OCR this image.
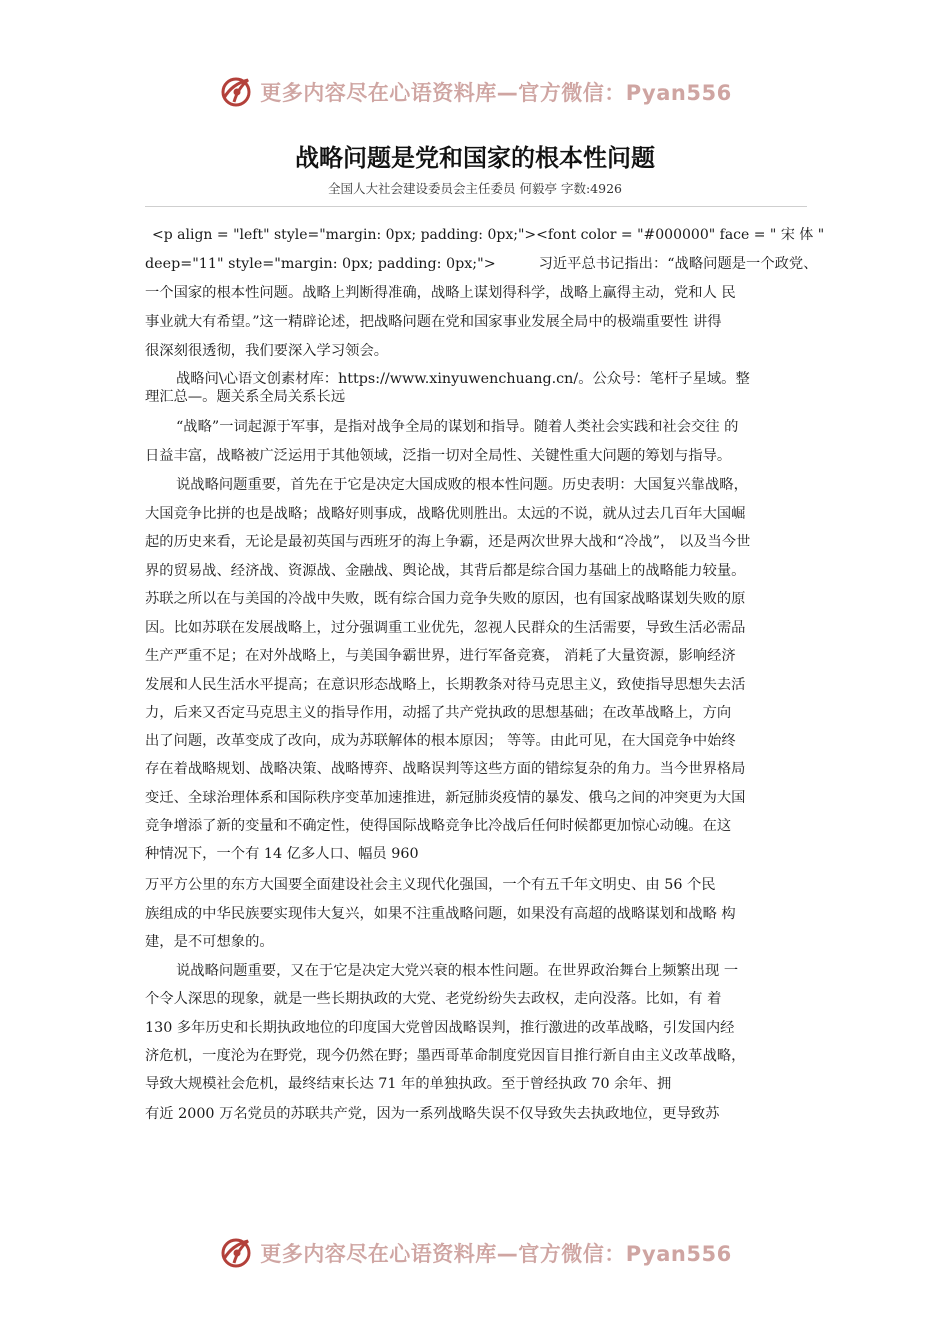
更多内容尽在心语资料库—官方微信：Pyan556
战略问题是党和国家的根本性问题
全国人大社会建设委员会主任委员 何毅亭 字数:4926
<p align = "left" style="margin: 0px; padding: 0px;"><font color = "#000000" face = " 宋 体 "
deep="11" style="margin: 0px; padding: 0px;">　　　习近平总书记指出：“战略问题是一个政党、
一个国家的根本性问题。战略上判断得准确，战略上谋划得科学，战略上赢得主动，党和人 民
事业就大有希望。”这一精辟论述，把战略问题在党和国家事业发展全局中的极端重要性 讲得
很深刻很透彻，我们要深入学习领会。
战略问\心语文创素材库：https://www.xinyuwenchuang.cn/。公众号：笔杆子星域。整
理汇总—。题关系全局关系长远
“战略”一词起源于军事，是指对战争全局的谋划和指导。随着人类社会实践和社会交往 的
日益丰富，战略被广泛运用于其他领域，泛指一切对全局性、关键性重大问题的筹划与指导。
说战略问题重要，首先在于它是决定大国成败的根本性问题。历史表明：大国复兴靠战略，
大国竞争比拼的也是战略；战略好则事成，战略优则胜出。太远的不说，就从过去几百年大国崛
起的历史来看，无论是最初英国与西班牙的海上争霸，还是两次世界大战和“冷战”， 以及当今世
界的贸易战、经济战、资源战、金融战、舆论战，其背后都是综合国力基础上的战略能力较量。
苏联之所以在与美国的冷战中失败，既有综合国力竞争失败的原因，也有国家战略谋划失败的原
因。比如苏联在发展战略上，过分强调重工业优先，忽视人民群众的生活需要，导致生活必需品
生产严重不足；在对外战略上，与美国争霸世界，进行军备竞赛， 消耗了大量资源，影响经济
发展和人民生活水平提高；在意识形态战略上，长期教条对待马克思主义，致使指导思想失去活
力，后来又否定马克思主义的指导作用，动摇了共产党执政的思想基础；在改革战略上，方向
出了问题，改革变成了改向，成为苏联解体的根本原因； 等等。由此可见，在大国竞争中始终
存在着战略规划、战略决策、战略博弈、战略误判等这些方面的错综复杂的角力。当今世界格局
变迁、全球治理体系和国际秩序变革加速推进，新冠肺炎疫情的暴发、俄乌之间的冲突更为大国
竞争增添了新的变量和不确定性，使得国际战略竞争比冷战后任何时候都更加惊心动魄。在这
种情况下，一个有 14 亿多人口、幅员 960
万平方公里的东方大国要全面建设社会主义现代化强国，一个有五千年文明史、由 56 个民
族组成的中华民族要实现伟大复兴，如果不注重战略问题，如果没有高超的战略谋划和战略 构
建，是不可想象的。
说战略问题重要，又在于它是决定大党兴衰的根本性问题。在世界政治舞台上频繁出现 一
个令人深思的现象，就是一些长期执政的大党、老党纷纷失去政权，走向没落。比如，有 着
130 多年历史和长期执政地位的印度国大党曾因战略误判，推行激进的改革战略，引发国内经
济危机，一度沦为在野党，现今仍然在野；墨西哥革命制度党因盲目推行新自由主义改革战略，
导致大规模社会危机，最终结束长达 71 年的单独执政。至于曾经执政 70 余年、拥
有近 2000 万名党员的苏联共产党，因为一系列战略失误不仅导致失去执政地位，更导致苏
更多内容尽在心语资料库—官方微信：Pyan556
